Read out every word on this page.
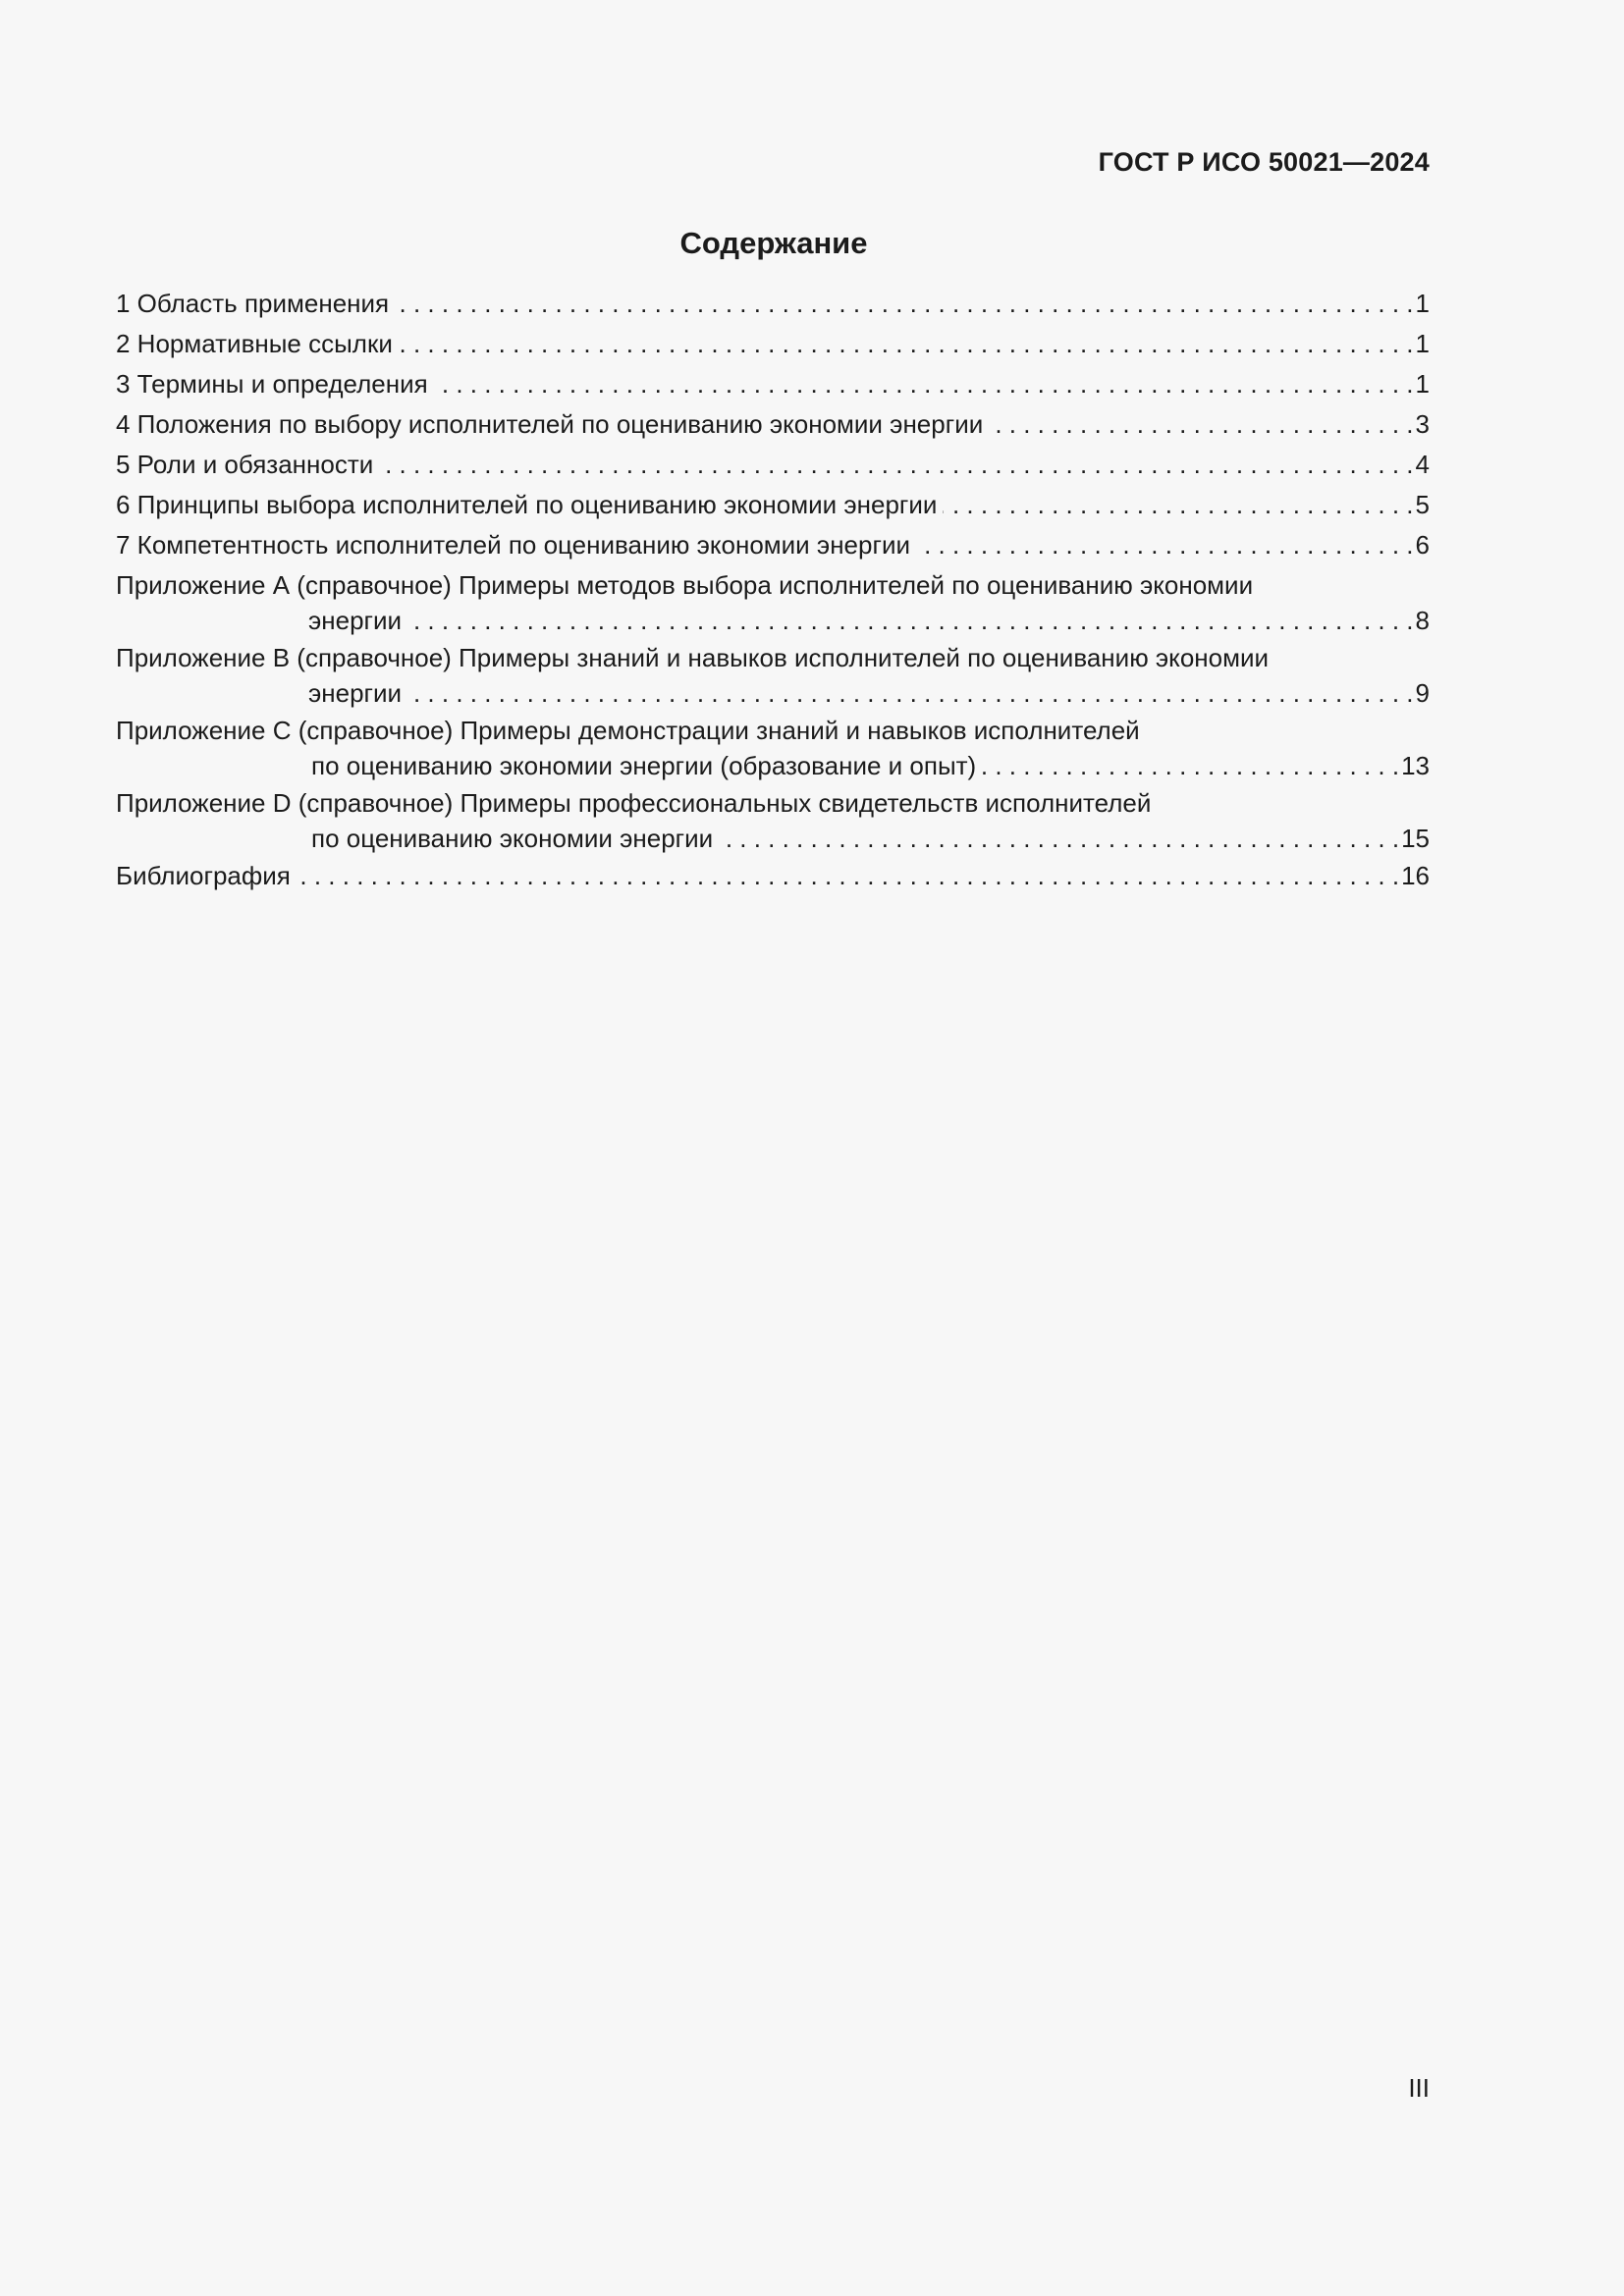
ГОСТ Р ИСО 50021—2024
Содержание
1 Область применения . . .	1
2 Нормативные ссылки . . .	1
3 Термины и определения . . .	1
4 Положения по выбору исполнителей по оцениванию экономии энергии . . .	3
5 Роли и обязанности . . .	4
6 Принципы выбора исполнителей по оцениванию экономии энергии . . .	5
7 Компетентность исполнителей по оцениванию экономии энергии . . .	6
Приложение А (справочное) Примеры методов выбора исполнителей по оцениванию экономии
энергии . . .	8
Приложение В (справочное) Примеры знаний и навыков исполнителей по оцениванию экономии
энергии . . .	9
Приложение С (справочное) Примеры демонстрации знаний и навыков исполнителей
по оцениванию экономии энергии (образование и опыт) . . .	13
Приложение D (справочное) Примеры профессиональных свидетельств исполнителей
по оцениванию экономии энергии . . .	15
Библиография . . .	16
III
